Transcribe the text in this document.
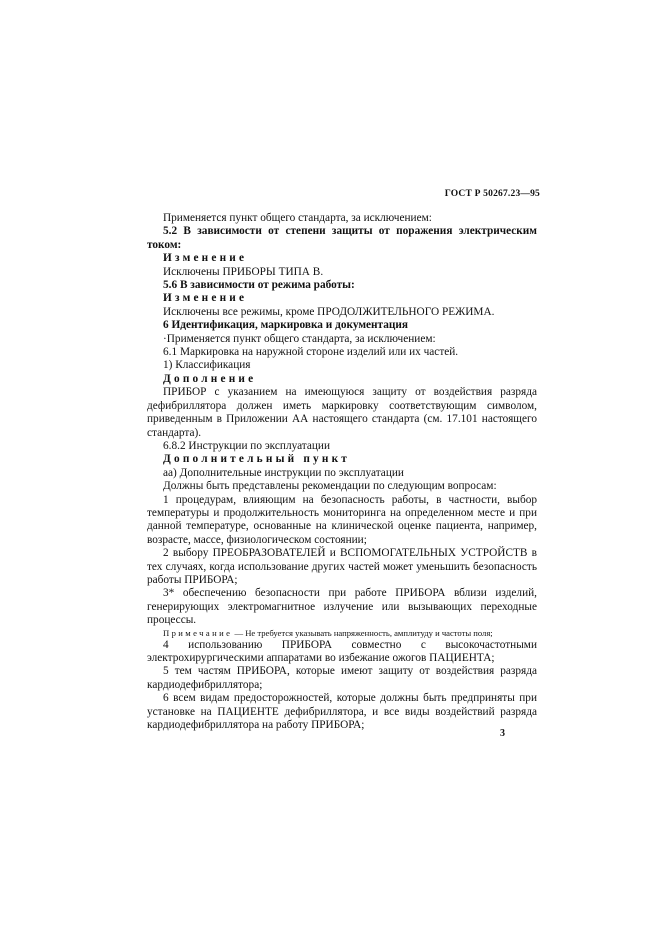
ГОСТ Р 50267.23—95
Применяется пункт общего стандарта, за исключением:
5.2 В зависимости от степени защиты от поражения электрическим током:
Изменение
Исключены ПРИБОРЫ ТИПА В.
5.6 В зависимости от режима работы:
Изменение
Исключены все режимы, кроме ПРОДОЛЖИТЕЛЬНОГО РЕЖИМА.
6 Идентификация, маркировка и документация
·Применяется пункт общего стандарта, за исключением:
6.1 Маркировка на наружной стороне изделий или их частей.
1) Классификация
Дополнение
ПРИБОР с указанием на имеющуюся защиту от воздействия разряда дефибриллятора должен иметь маркировку соответствующим символом, приведенным в Приложении АА настоящего стандарта (см. 17.101 настоящего стандарта).
6.8.2 Инструкции по эксплуатации
Дополнительный пункт
аа) Дополнительные инструкции по эксплуатации
Должны быть представлены рекомендации по следующим вопросам:
1 процедурам, влияющим на безопасность работы, в частности, выбор температуры и продолжительность мониторинга на определенном месте и при данной температуре, основанные на клинической оценке пациента, например, возрасте, массе, физиологическом состоянии;
2 выбору ПРЕОБРАЗОВАТЕЛЕЙ и ВСПОМОГАТЕЛЬНЫХ УСТРОЙСТВ в тех случаях, когда использование других частей может уменьшить безопасность работы ПРИБОРА;
3* обеспечению безопасности при работе ПРИБОРА вблизи изделий, генерирующих электромагнитное излучение или вызывающих переходные процессы.
Примечание — Не требуется указывать напряженность, амплитуду и частоты поля;
4 использованию ПРИБОРА совместно с высокочастотными электрохирургическими аппаратами во избежание ожогов ПАЦИЕНТА;
5 тем частям ПРИБОРА, которые имеют защиту от воздействия разряда кардиодефибриллятора;
6 всем видам предосторожностей, которые должны быть предприняты при установке на ПАЦИЕНТЕ дефибриллятора, и все виды воздействий разряда кардиодефибриллятора на работу ПРИБОРА;
3
